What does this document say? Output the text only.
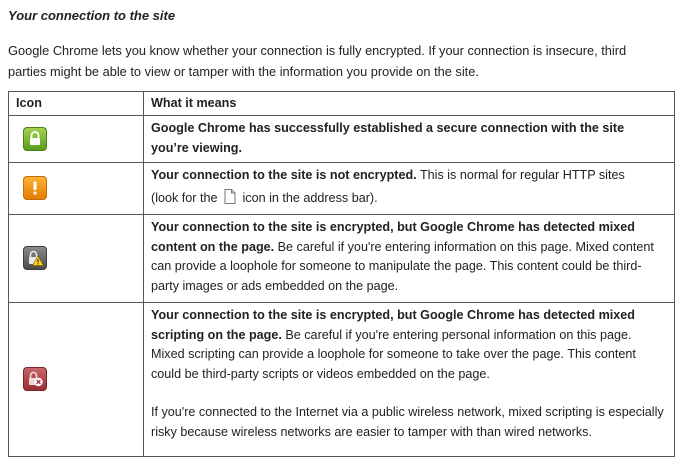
Your connection to the site

Google Chrome lets you know whether your connection is fully encrypted. If your connection is insecure, third parties might be able to view or tamper with the information you provide on the site.

Icon	What it means

	Google Chrome has successfully established a secure connection with the site you’re viewing.

	Your connection to the site is not encrypted. This is normal for regular HTTP sites
(look for the icon in the address bar).

	Your connection to the site is encrypted, but Google Chrome has detected mixed content on the page. Be careful if you're entering information on this page. Mixed content can provide a loophole for someone to manipulate the page. This content could be third-party images or ads embedded on the page.

	Your connection to the site is encrypted, but Google Chrome has detected mixed scripting on the page. Be careful if you're entering personal information on this page. Mixed scripting can provide a loophole for someone to take over the page. This content could be third-party scripts or videos embedded on the page.
If you're connected to the Internet via a public wireless network, mixed scripting is especially risky because wireless networks are easier to tamper with than wired networks.
